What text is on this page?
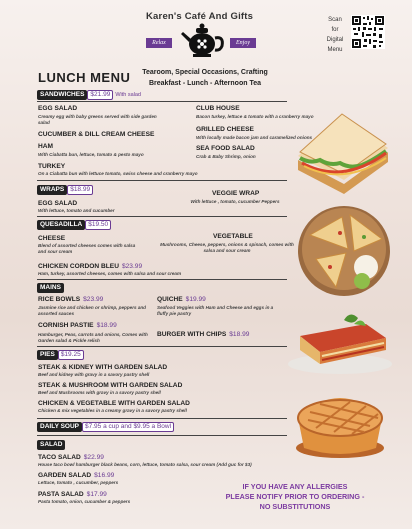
Karen's Café And Gifts
Relax	Enjoy
Scan
for
Digital
Menu
LUNCH MENU	Tearoom, Special Occasions, Crafting
Breakfast - Lunch - Afternoon Tea
SANDWICHES $21.99 With salad
EGG SALAD
Creamy egg with baby greens served with side garden salad
CLUB HOUSE
Bacon turkey, lettuce & tomato with a cranberry mayo
CUCUMBER & DILL CREAM CHEESE
GRILLED CHEESE
With locally made bacon jam and caramelized onions
HAM
With Ciabatta bun, lettuce, tomato & pesto mayo
SEA FOOD SALAD
Crab & Baby Shrimp, onion
TURKEY
On a Ciabatta bun with lettuce tomato, swiss cheese and cranberry mayo
WRAPS $18.99
EGG SALAD
With lettuce, tomato and cucumber
VEGGIE WRAP
With lettuce , tomato, cucumber Peppers
QUESADILLA $19.50
CHEESE
Blend of assorted cheeses comes with salsa and sour cream
VEGETABLE
Mushrooms, Cheese, peppers, onions & spinach, comes with salsa and sour cream
CHICKEN CORDON BLEU $23.99
Ham, turkey, assorted cheeses, comes with salsa and sour cream
MAINS
RICE BOWLS $23.99
Jasmine rice and chicken or shrimp, peppers and assorted sauces
QUICHE $19.99
Seafood Veggies with Ham and Cheese and eggs in a fluffy pie pastry
CORNISH PASTIE $18.99
Hamburger, Peas, carrots and onions, Comes with Garden salad & Pickle relish
BURGER WITH CHIPS $18.99
PIES $19.25
STEAK & KIDNEY WITH GARDEN SALAD
Beef and kidney with gravy in a savory pastry shell
STEAK & MUSHROOM WITH GARDEN SALAD
Beef and Mushrooms with gravy in a savory pastry shell
CHICKEN & VEGETABLE WITH GARDEN SALAD
Chicken & mix vegetables in a creamy gravy in a savory pastry shell
DAILY SOUP $7.95 a cup and $9.95 a Bowl
SALAD
TACO SALAD $22.99
House taco bowl hamburger black beans, corn, lettuce, tomato salsa, sour cream (Add guc for $3)
GARDEN SALAD $16.99
Lettuce, tomato , cucumber, peppers
PASTA SALAD $17.99
Pasta tomato, onion, cucumber & peppers
IF YOU HAVE ANY ALLERGIES
PLEASE NOTIFY PRIOR TO ORDERING -
NO SUBSTITUTIONS
